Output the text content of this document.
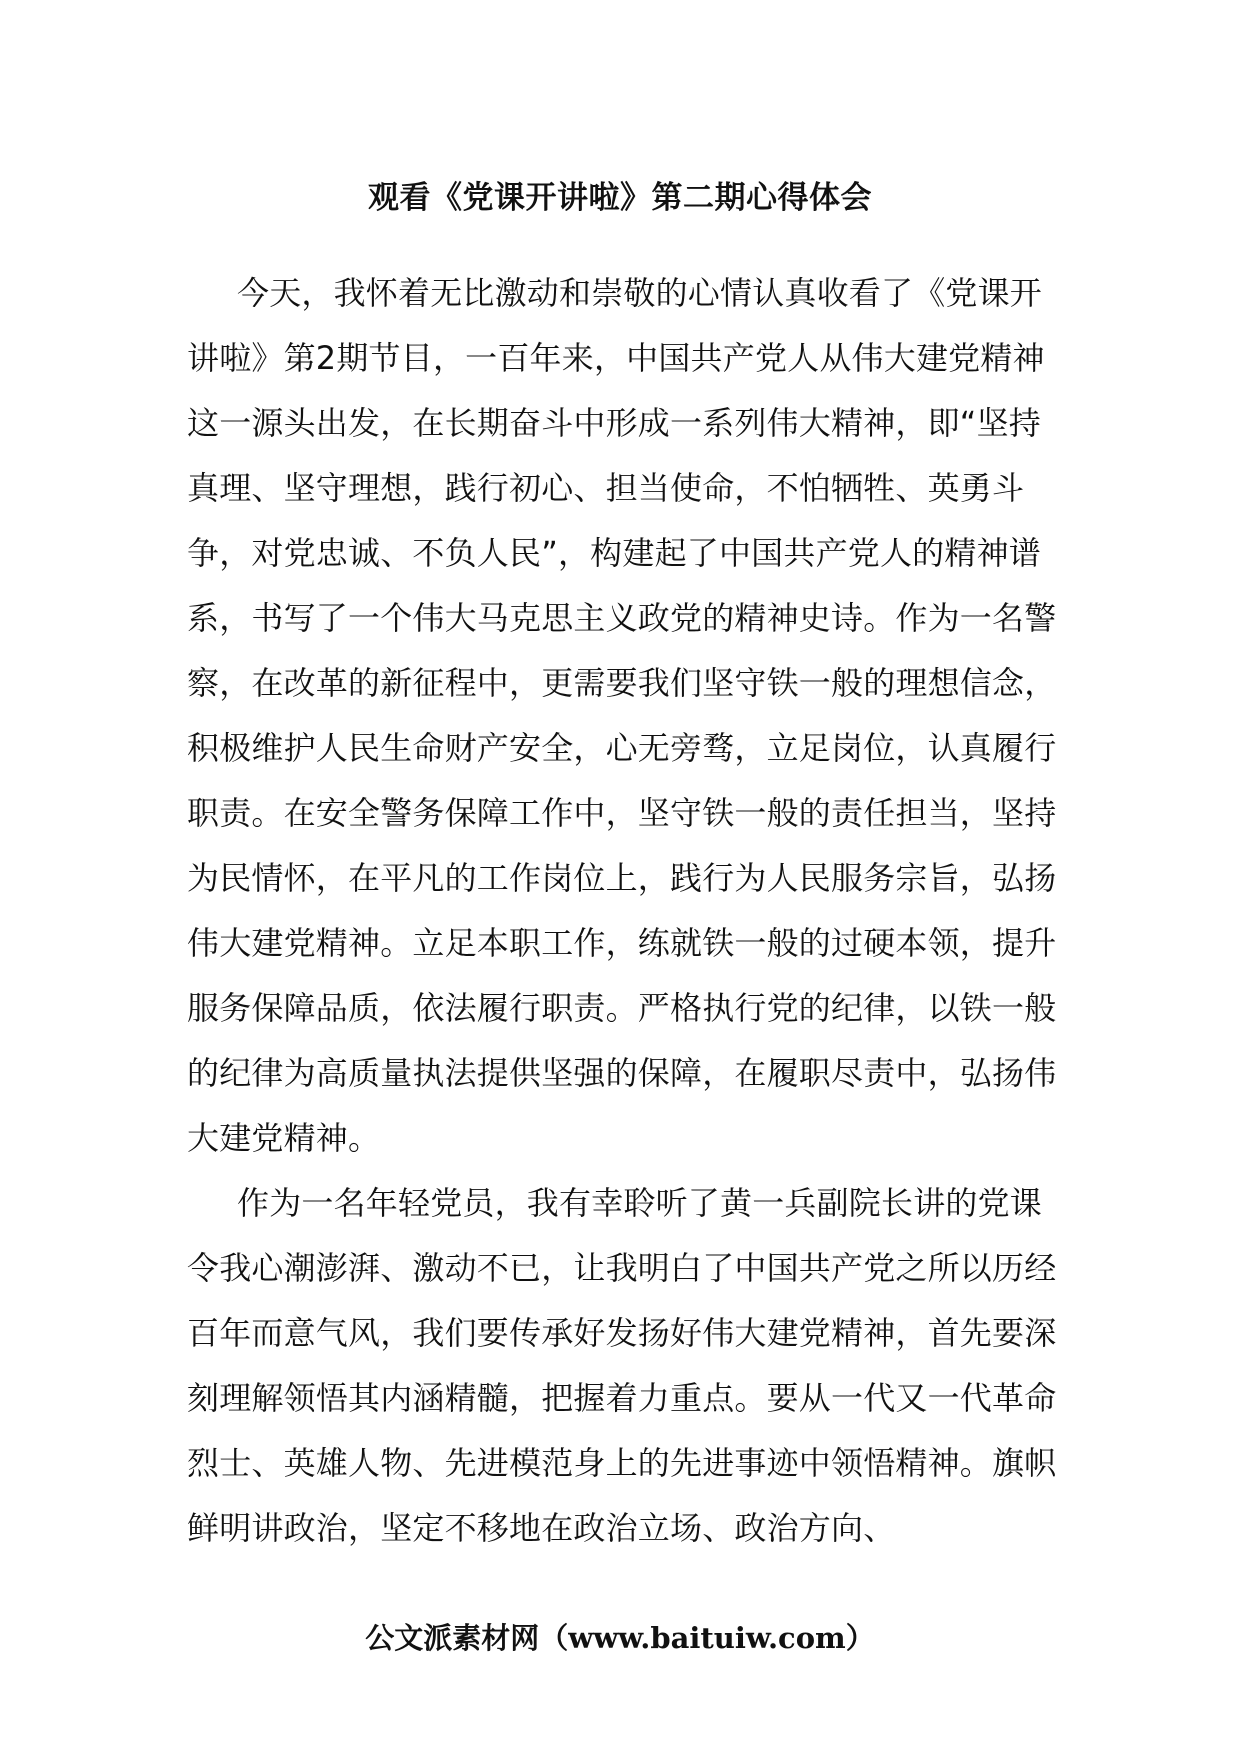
观看《党课开讲啦》第二期心得体会

今天，我怀着无比激动和崇敬的心情认真收看了《党课开讲啦》第2期节目，一百年来，中国共产党人从伟大建党精神这一源头出发，在长期奋斗中形成一系列伟大精神，即“坚持真理、坚守理想，践行初心、担当使命，不怕牺牲、英勇斗争，对党忠诚、不负人民”，构建起了中国共产党人的精神谱系，书写了一个伟大马克思主义政党的精神史诗。作为一名警察，在改革的新征程中，更需要我们坚守铁一般的理想信念，积极维护人民生命财产安全，心无旁骛，立足岗位，认真履行职责。在安全警务保障工作中，坚守铁一般的责任担当，坚持为民情怀，在平凡的工作岗位上，践行为人民服务宗旨，弘扬伟大建党精神。立足本职工作，练就铁一般的过硬本领，提升服务保障品质，依法履行职责。严格执行党的纪律，以铁一般的纪律为高质量执法提供坚强的保障，在履职尽责中，弘扬伟大建党精神。

作为一名年轻党员，我有幸聆听了黄一兵副院长讲的党课令我心潮澎湃、激动不已，让我明白了中国共产党之所以历经百年而意气风，我们要传承好发扬好伟大建党精神，首先要深刻理解领悟其内涵精髓，把握着力重点。要从一代又一代革命烈士、英雄人物、先进模范身上的先进事迹中领悟精神。旗帜鲜明讲政治，坚定不移地在政治立场、政治方向、

公文派素材网（www.baituiw.com）
